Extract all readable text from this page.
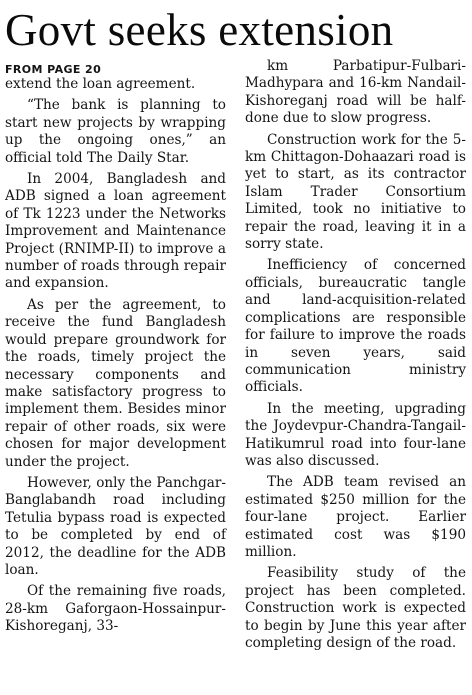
Govt seeks extension
FROM PAGE 20

extend the loan agreement.

“The bank is planning to start new projects by wrapping up the ongoing ones,” an official told The Daily Star.

In 2004, Bangladesh and ADB signed a loan agreement of Tk 1223 under the Networks Improvement and Maintenance Project (RNIMP-II) to improve a number of roads through repair and expansion.

As per the agreement, to receive the fund Bangladesh would prepare groundwork for the roads, timely project the necessary components and make satisfactory progress to implement them. Besides minor repair of other roads, six were chosen for major development under the project.

However, only the Panchgar-Banglabandh road including Tetulia bypass road is expected to be completed by end of 2012, the deadline for the ADB loan.

Of the remaining five roads, 28-km Gaforgaon-Hossainpur-Kishoreganj, 33-

km Parbatipur-Fulbari-Madhypara and 16-km Nandail-Kishoreganj road will be half-done due to slow progress.

Construction work for the 5-km Chittagon-Dohaazari road is yet to start, as its contractor Islam Trader Consortium Limited, took no initiative to repair the road, leaving it in a sorry state.

Inefficiency of concerned officials, bureaucratic tangle and land-acquisition-related complications are responsible for failure to improve the roads in seven years, said communication ministry officials.

In the meeting, upgrading the Joydevpur-Chandra-Tangail-Hatikumrul road into four-lane was also discussed.

The ADB team revised an estimated $250 million for the four-lane project. Earlier estimated cost was $190 million.

Feasibility study of the project has been completed. Construction work is expected to begin by June this year after completing design of the road.
